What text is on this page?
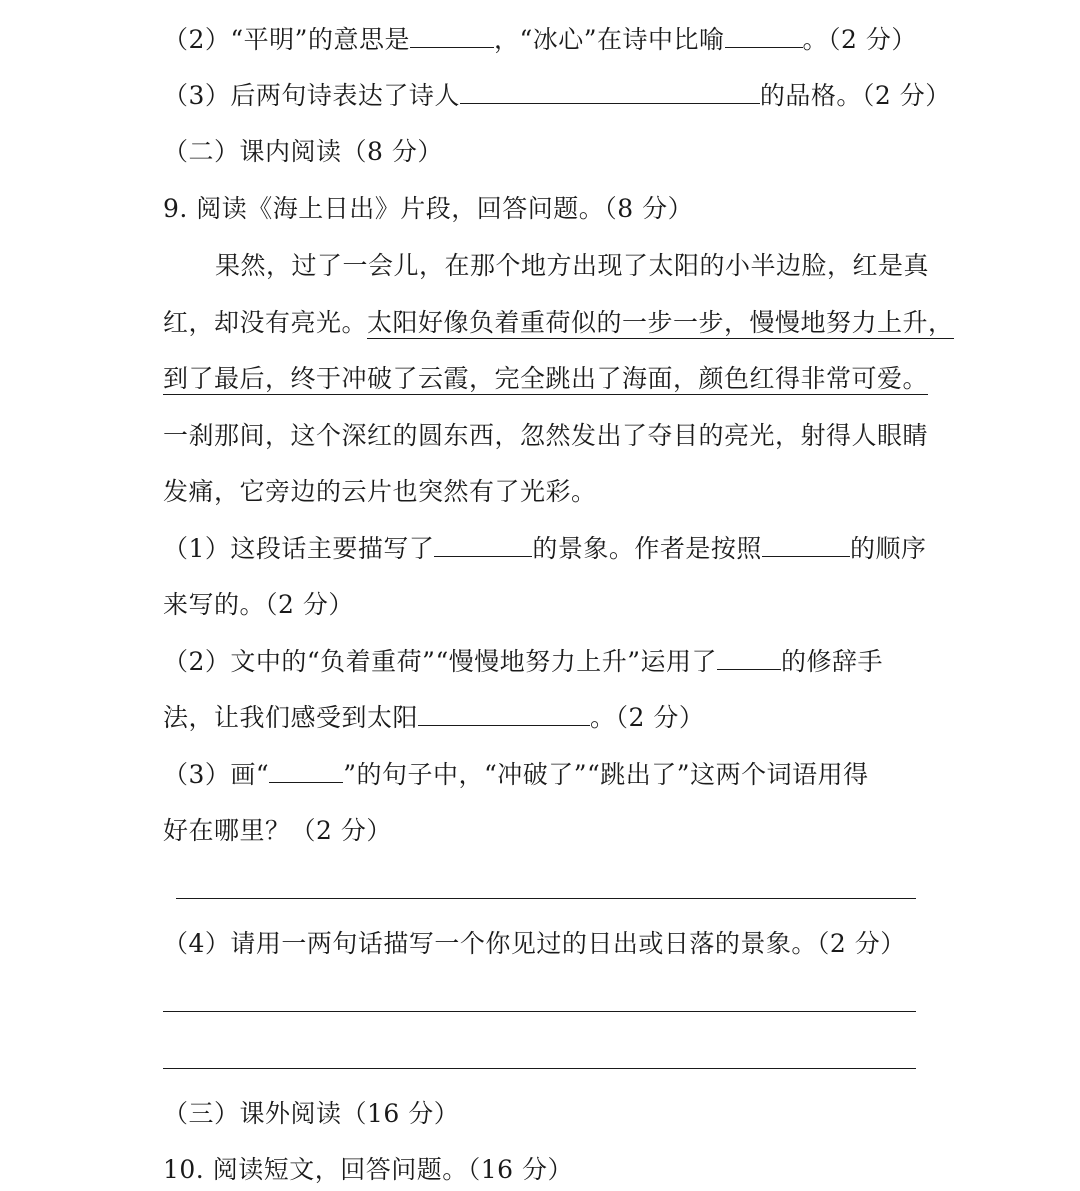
（2）“平明”的意思是	，“冰心”在诗中比喻	。（2 分）
（3）后两句诗表达了诗人	的品格。（2 分）
（二）课内阅读（8 分）
9. 阅读《海上日出》片段，回答问题。（8 分）
果然，过了一会儿，在那个地方出现了太阳的小半边脸，红是真
红，却没有亮光。太阳好像负着重荷似的一步一步，慢慢地努力上升，
到了最后，终于冲破了云霞，完全跳出了海面，颜色红得非常可爱。
一刹那间，这个深红的圆东西，忽然发出了夺目的亮光，射得人眼睛
发痛，它旁边的云片也突然有了光彩。
（1）这段话主要描写了	的景象。作者是按照	的顺序
来写的。（2 分）
（2）文中的“负着重荷”“慢慢地努力上升”运用了	的修辞手
法，让我们感受到太阳	。（2 分）
（3）画“	”的句子中，“冲破了”“跳出了”这两个词语用得
好在哪里？（2 分）
（4）请用一两句话描写一个你见过的日出或日落的景象。（2 分）
（三）课外阅读（16 分）
10. 阅读短文，回答问题。（16 分）
